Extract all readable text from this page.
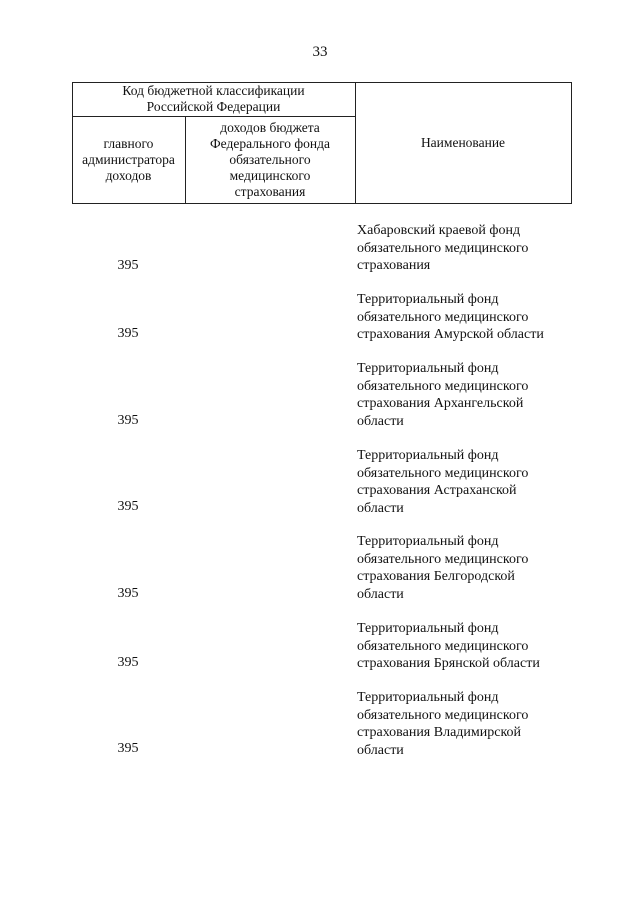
33
Код бюджетной классификации
Российской Федерации
главного
администратора
доходов
доходов бюджета
Федерального фонда
обязательного
медицинского
страхования
Наименование
Хабаровский краевой фонд
обязательного медицинского
страхования
395
Территориальный фонд
обязательного медицинского
страхования Амурской области
395
Территориальный фонд
обязательного медицинского
страхования Архангельской
области
395
Территориальный фонд
обязательного медицинского
страхования Астраханской
области
395
Территориальный фонд
обязательного медицинского
страхования Белгородской
области
395
Территориальный фонд
обязательного медицинского
страхования Брянской области
395
Территориальный фонд
обязательного медицинского
страхования Владимирской
области
395
